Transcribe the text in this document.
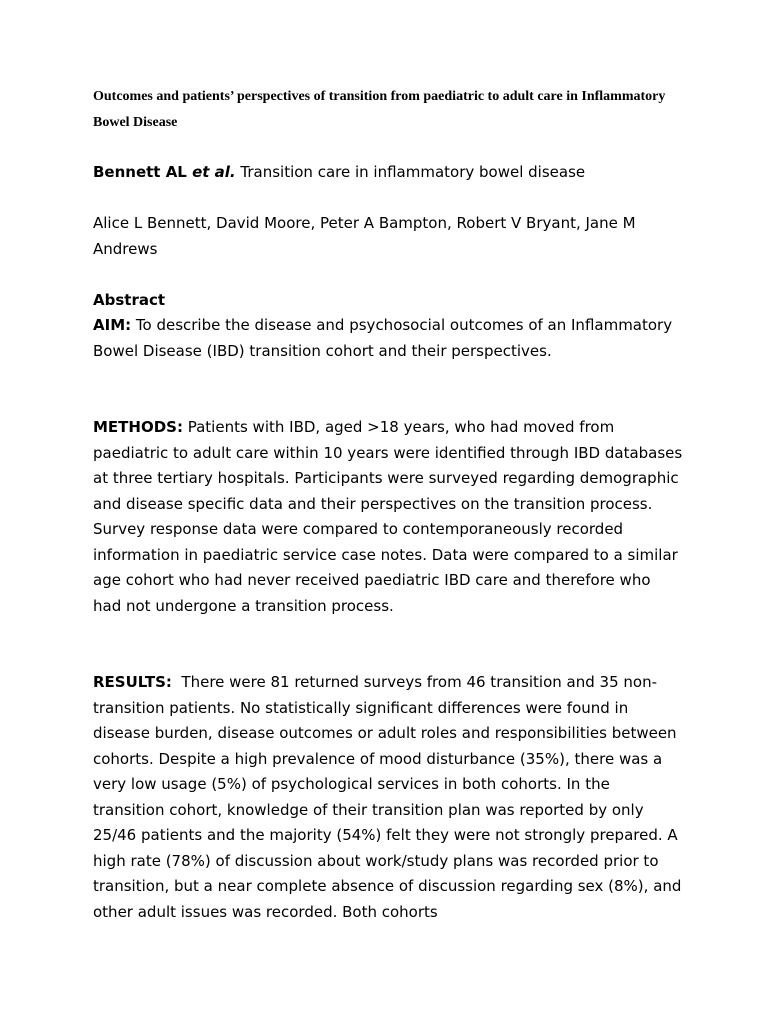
Outcomes and patients’ perspectives of transition from paediatric to adult care in Inflammatory Bowel Disease

Bennett AL et al. Transition care in inflammatory bowel disease

Alice L Bennett, David Moore, Peter A Bampton, Robert V Bryant, Jane M Andrews

Abstract

AIM: To describe the disease and psychosocial outcomes of an Inflammatory Bowel Disease (IBD) transition cohort and their perspectives.

METHODS: Patients with IBD, aged >18 years, who had moved from paediatric to adult care within 10 years were identified through IBD databases at three tertiary hospitals. Participants were surveyed regarding demographic and disease specific data and their perspectives on the transition process. Survey response data were compared to contemporaneously recorded information in paediatric service case notes. Data were compared to a similar age cohort who had never received paediatric IBD care and therefore who had not undergone a transition process.

RESULTS:  There were 81 returned surveys from 46 transition and 35 non-transition patients. No statistically significant differences were found in disease burden, disease outcomes or adult roles and responsibilities between cohorts. Despite a high prevalence of mood disturbance (35%), there was a very low usage (5%) of psychological services in both cohorts. In the transition cohort, knowledge of their transition plan was reported by only 25/46 patients and the majority (54%) felt they were not strongly prepared. A high rate (78%) of discussion about work/study plans was recorded prior to transition, but a near complete absence of discussion regarding sex (8%), and other adult issues was recorded. Both cohorts
